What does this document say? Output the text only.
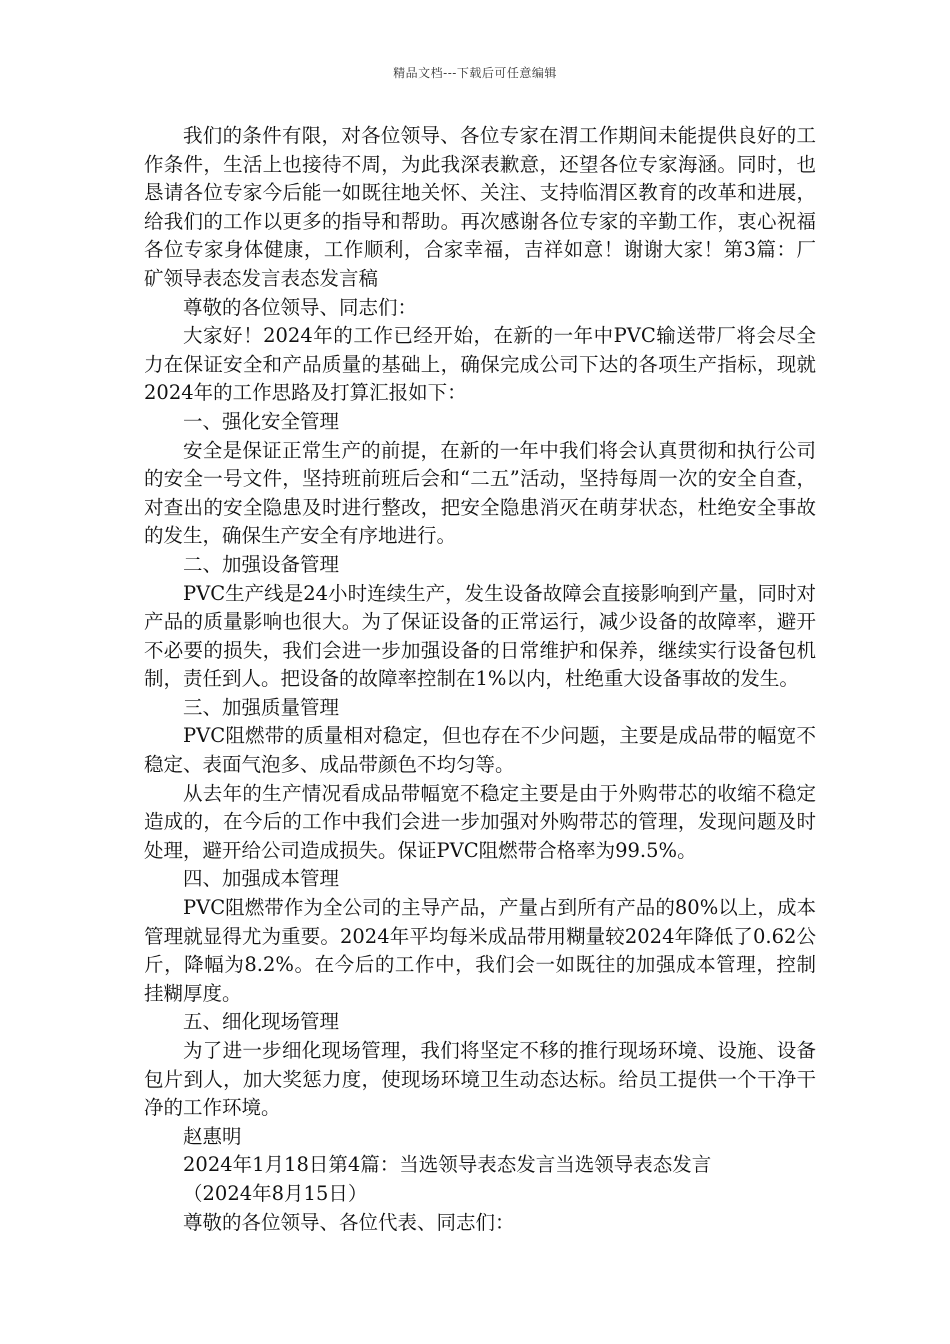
精品文档---下载后可任意编辑

我们的条件有限，对各位领导、各位专家在渭工作期间未能提供良好的工作条件，生活上也接待不周，为此我深表歉意，还望各位专家海涵。同时，也恳请各位专家今后能一如既往地关怀、关注、支持临渭区教育的改革和进展，给我们的工作以更多的指导和帮助。再次感谢各位专家的辛勤工作，衷心祝福各位专家身体健康，工作顺利，合家幸福，吉祥如意！谢谢大家！第3篇：厂矿领导表态发言表态发言稿

尊敬的各位领导、同志们：

大家好！2024年的工作已经开始，在新的一年中PVC输送带厂将会尽全力在保证安全和产品质量的基础上，确保完成公司下达的各项生产指标，现就2024年的工作思路及打算汇报如下：

一、强化安全管理

安全是保证正常生产的前提，在新的一年中我们将会认真贯彻和执行公司的安全一号文件，坚持班前班后会和“二五”活动，坚持每周一次的安全自查，对查出的安全隐患及时进行整改，把安全隐患消灭在萌芽状态，杜绝安全事故的发生，确保生产安全有序地进行。

二、加强设备管理

PVC生产线是24小时连续生产，发生设备故障会直接影响到产量，同时对产品的质量影响也很大。为了保证设备的正常运行，减少设备的故障率，避开不必要的损失，我们会进一步加强设备的日常维护和保养，继续实行设备包机制，责任到人。把设备的故障率控制在1%以内，杜绝重大设备事故的发生。

三、加强质量管理

PVC阻燃带的质量相对稳定，但也存在不少问题，主要是成品带的幅宽不稳定、表面气泡多、成品带颜色不均匀等。

从去年的生产情况看成品带幅宽不稳定主要是由于外购带芯的收缩不稳定造成的，在今后的工作中我们会进一步加强对外购带芯的管理，发现问题及时处理，避开给公司造成损失。保证PVC阻燃带合格率为99.5%。

四、加强成本管理

PVC阻燃带作为全公司的主导产品，产量占到所有产品的80%以上，成本管理就显得尤为重要。2024年平均每米成品带用糊量较2024年降低了0.62公斤，降幅为8.2%。在今后的工作中，我们会一如既往的加强成本管理，控制挂糊厚度。

五、细化现场管理

为了进一步细化现场管理，我们将坚定不移的推行现场环境、设施、设备包片到人，加大奖惩力度，使现场环境卫生动态达标。给员工提供一个干净干净的工作环境。

赵惠明

2024年1月18日第4篇：当选领导表态发言当选领导表态发言

（2024年8月15日）

尊敬的各位领导、各位代表、同志们：
